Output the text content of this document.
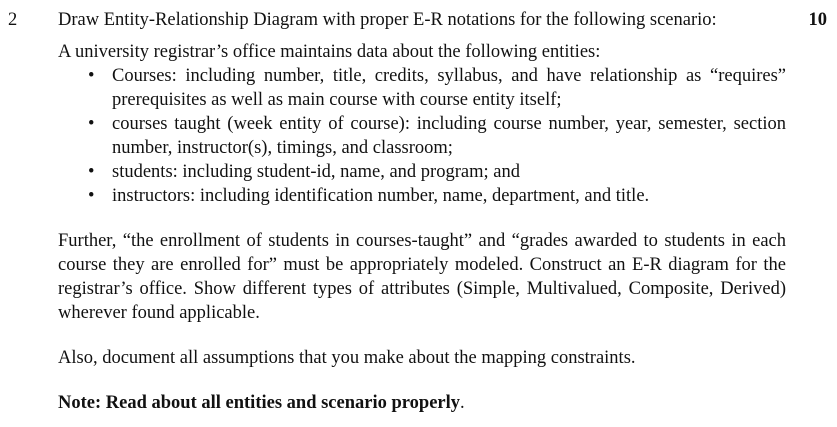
2 Draw Entity-Relationship Diagram with proper E-R notations for the following scenario:	10

A university registrar’s office maintains data about the following entities:

• Courses: including number, title, credits, syllabus, and have relationship as “requires” prerequisites as well as main course with course entity itself;
• courses taught (week entity of course): including course number, year, semester, section number, instructor(s), timings, and classroom;
• students: including student-id, name, and program; and
• instructors: including identification number, name, department, and title.

Further, “the enrollment of students in courses-taught” and “grades awarded to students in each course they are enrolled for” must be appropriately modeled. Construct an E-R diagram for the registrar’s office. Show different types of attributes (Simple, Multivalued, Composite, Derived) wherever found applicable.

Also, document all assumptions that you make about the mapping constraints.

Note: Read about all entities and scenario properly.
